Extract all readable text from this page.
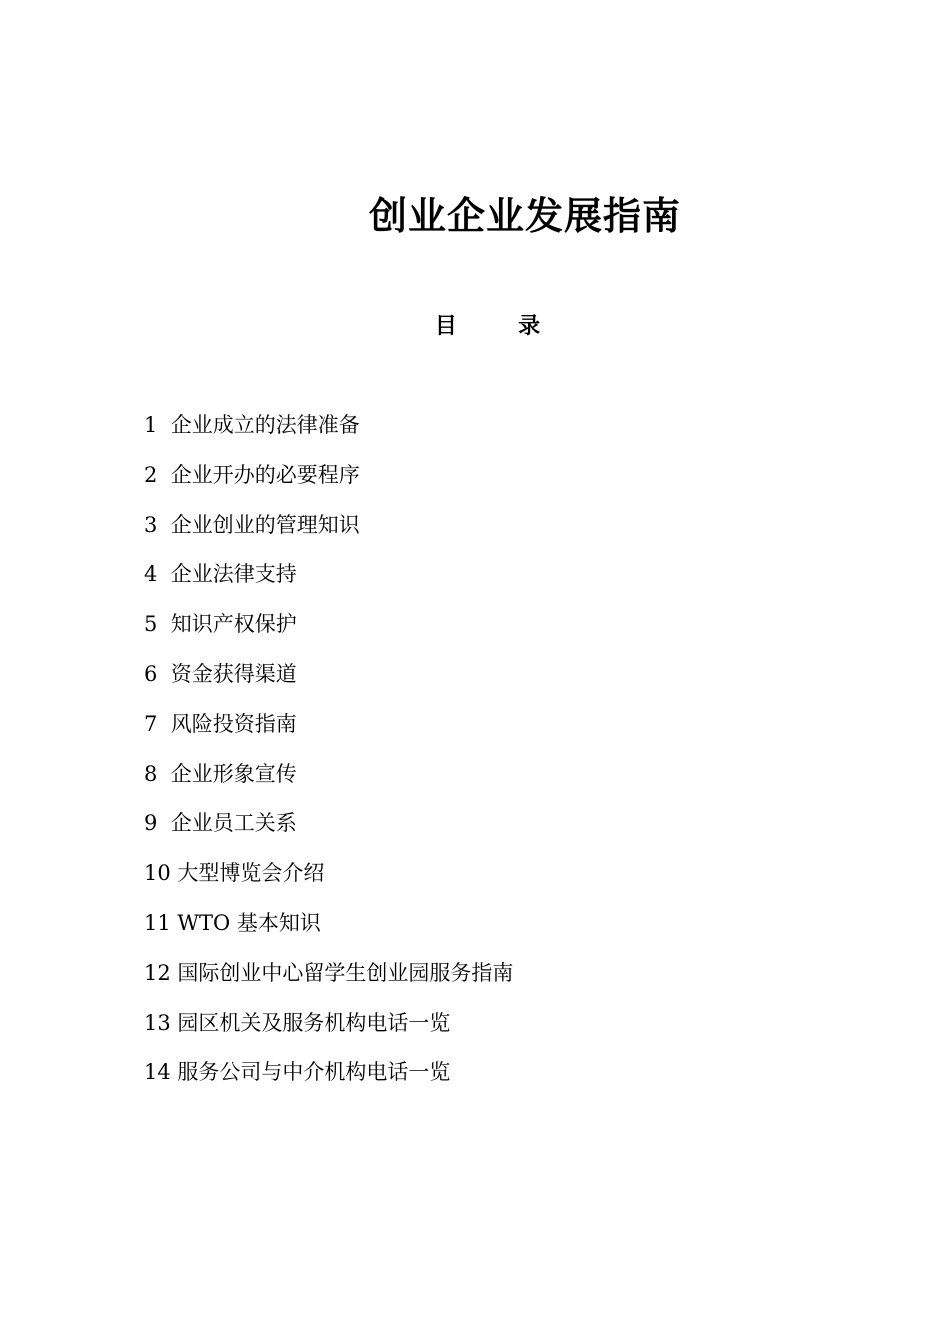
创业企业发展指南
目        录
1  企业成立的法律准备
2  企业开办的必要程序
3  企业创业的管理知识
4  企业法律支持
5  知识产权保护
6  资金获得渠道
7  风险投资指南
8  企业形象宣传
9  企业员工关系
10 大型博览会介绍
11 WTO 基本知识
12 国际创业中心留学生创业园服务指南
13 园区机关及服务机构电话一览
14 服务公司与中介机构电话一览
